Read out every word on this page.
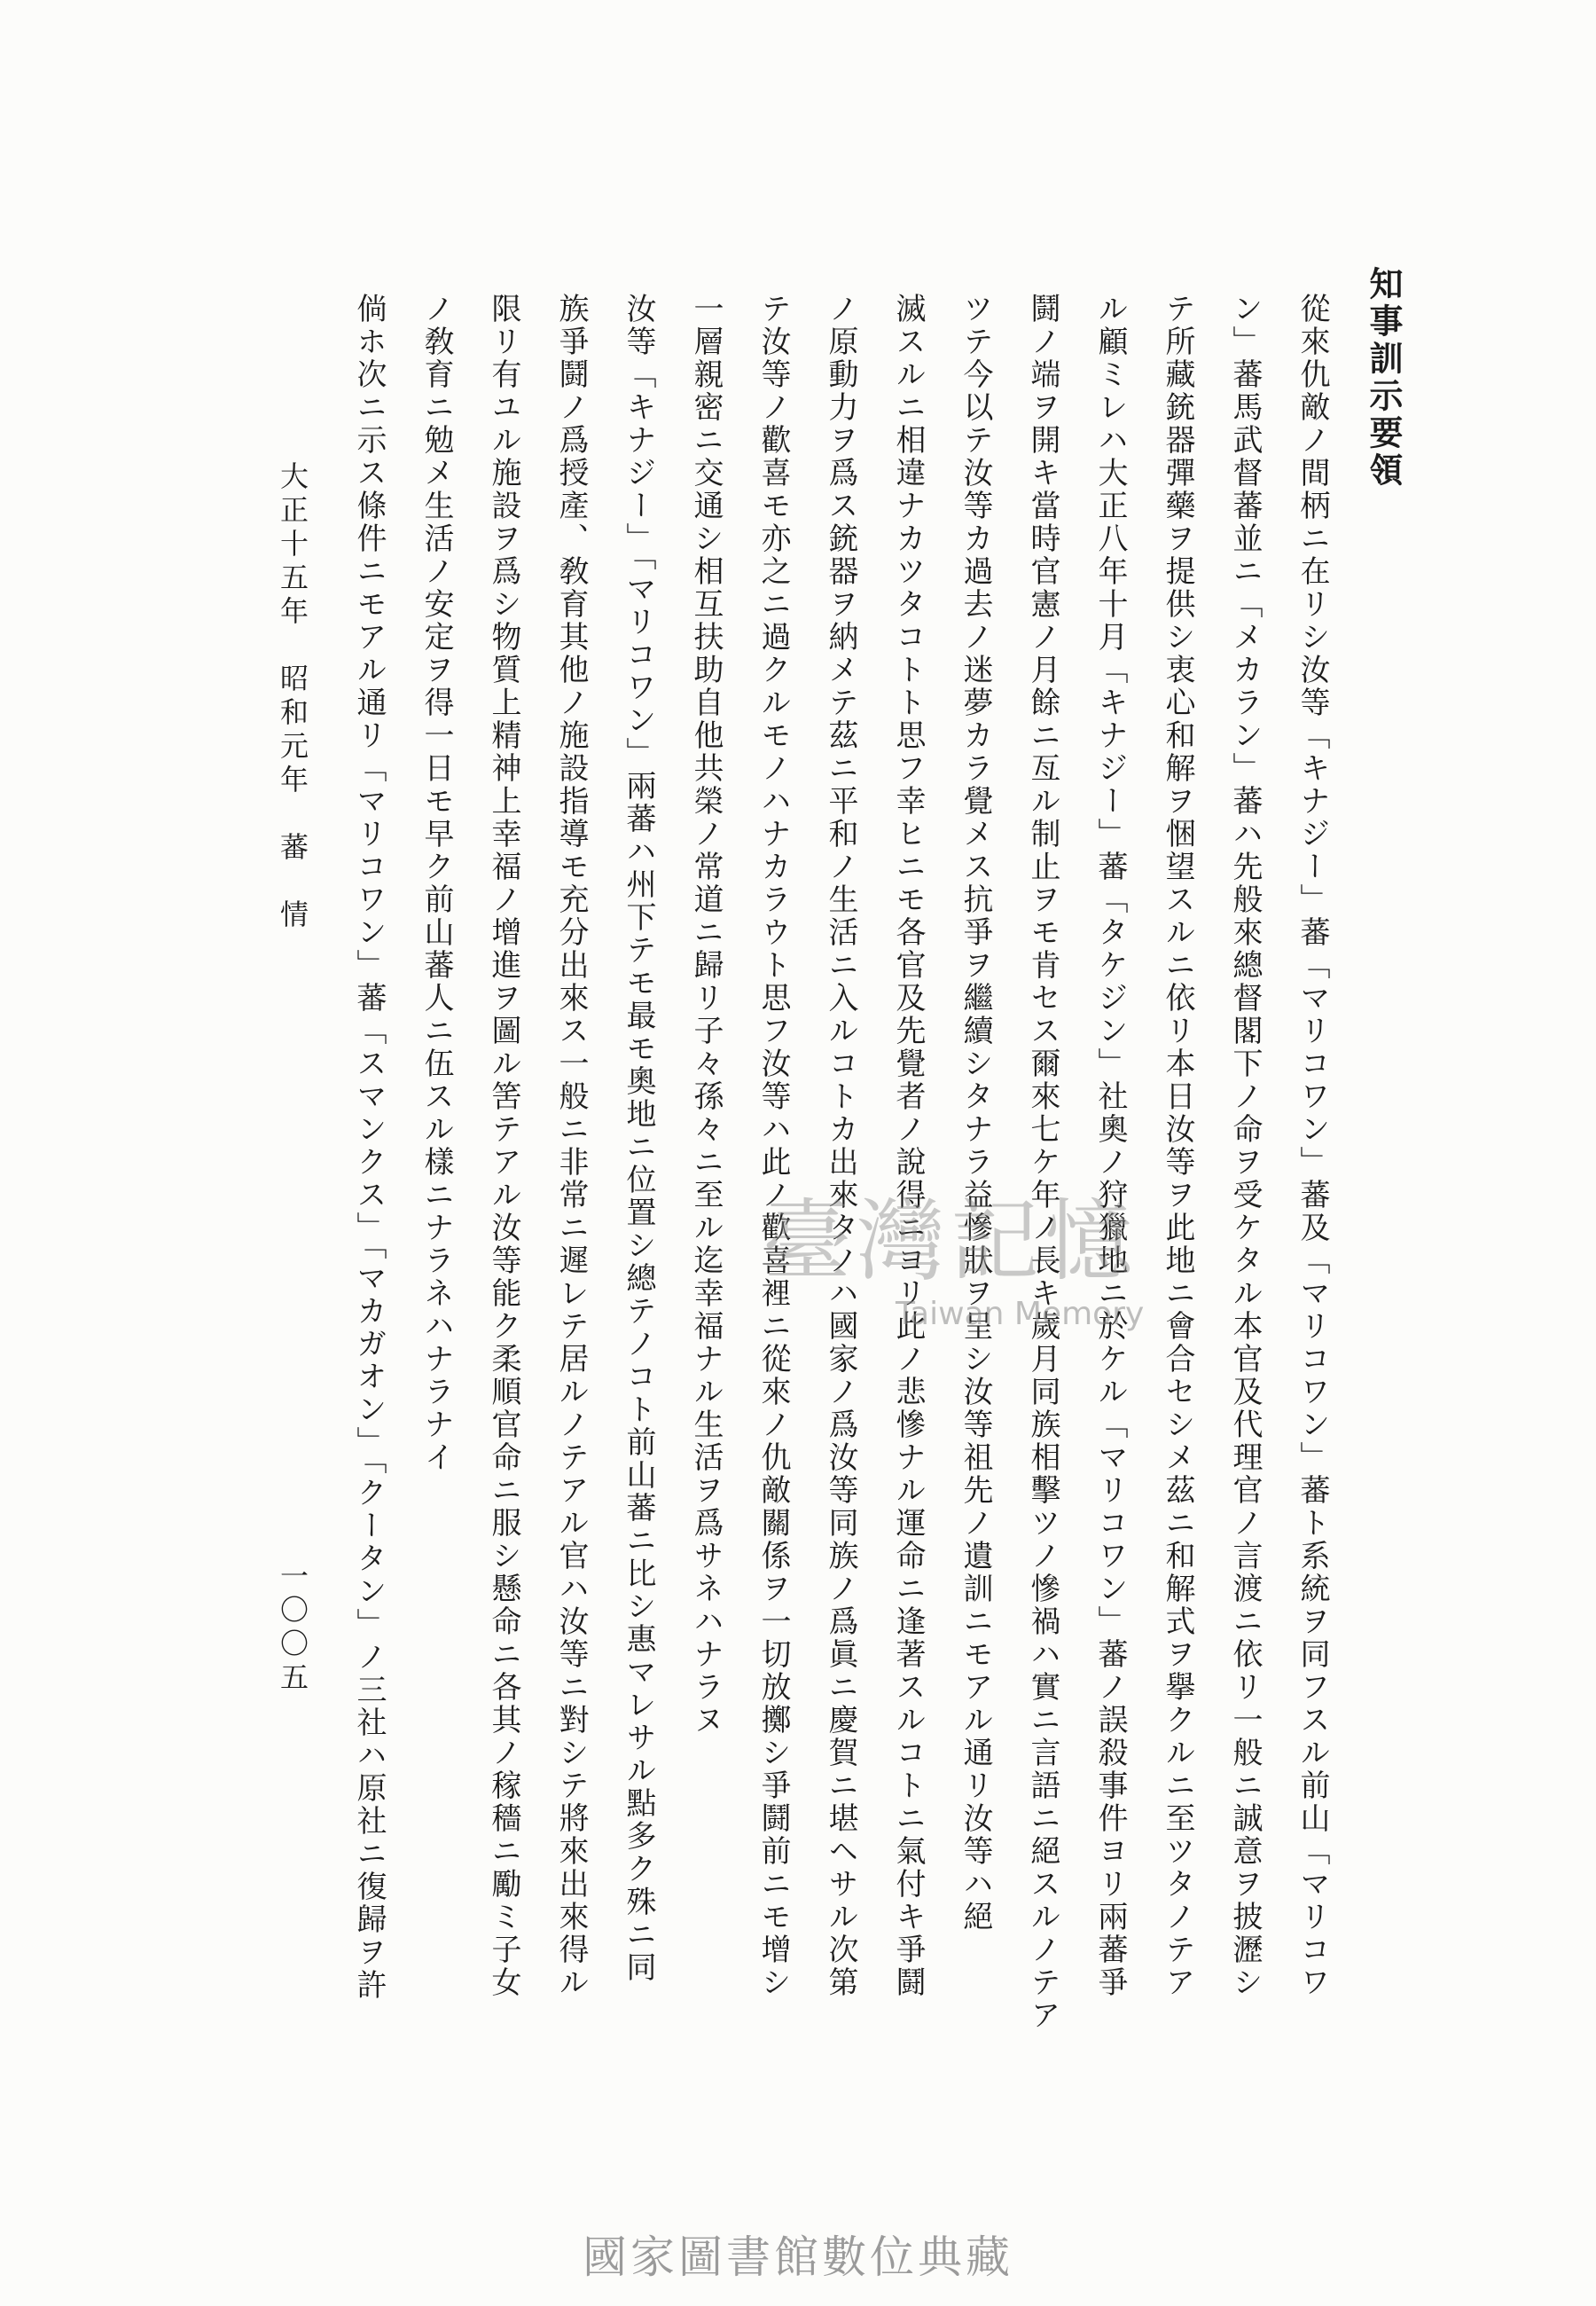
知事訓示要領
從來仇敵ノ間柄ニ在リシ汝等「キナジー」蕃「マリコワン」蕃及「マリコワン」蕃ト系統ヲ同フスル前山「マリコワ
ン」蕃馬武督蕃並ニ「メカラン」蕃ハ先般來總督閣下ノ命ヲ受ケタル本官及代理官ノ言渡ニ依リ一般ニ誠意ヲ披瀝シ
テ所藏銃器彈藥ヲ提供シ衷心和解ヲ悃望スルニ依リ本日汝等ヲ此地ニ會合セシメ茲ニ和解式ヲ擧クルニ至ツタノテア
ル顧ミレハ大正八年十月「キナジー」蕃「タケジン」社奧ノ狩獵地ニ於ケル「マリコワン」蕃ノ誤殺事件ヨリ兩蕃爭
鬪ノ端ヲ開キ當時官憲ノ月餘ニ亙ル制止ヲモ肯セス爾來七ケ年ノ長キ歲月同族相擊ツノ慘禍ハ實ニ言語ニ絕スルノテア
ツテ今以テ汝等カ過去ノ迷夢カラ覺メス抗爭ヲ繼續シタナラ益慘狀ヲ呈シ汝等祖先ノ遺訓ニモアル通リ汝等ハ絕
滅スルニ相違ナカツタコトト思フ幸ヒニモ各官及先覺者ノ說得ニヨリ此ノ悲慘ナル運命ニ逢著スルコトニ氣付キ爭鬪
ノ原動力ヲ爲ス銃器ヲ納メテ茲ニ平和ノ生活ニ入ルコトカ出來タノハ國家ノ爲汝等同族ノ爲眞ニ慶賀ニ堪ヘサル次第
テ汝等ノ歡喜モ亦之ニ過クルモノハナカラウト思フ汝等ハ此ノ歡喜裡ニ從來ノ仇敵關係ヲ一切放擲シ爭鬪前ニモ增シ
一層親密ニ交通シ相互扶助自他共榮ノ常道ニ歸リ子々孫々ニ至ル迄幸福ナル生活ヲ爲サネハナラヌ
汝等「キナジー」「マリコワン」兩蕃ハ州下テモ最モ奧地ニ位置シ總テノコト前山蕃ニ比シ惠マレサル點多ク殊ニ同
族爭鬪ノ爲授產、敎育其他ノ施設指導モ充分出來ス一般ニ非常ニ遲レテ居ルノテアル官ハ汝等ニ對シテ將來出來得ル
限リ有ユル施設ヲ爲シ物質上精神上幸福ノ增進ヲ圖ル筈テアル汝等能ク柔順官命ニ服シ懸命ニ各其ノ稼穡ニ勵ミ子女
ノ敎育ニ勉メ生活ノ安定ヲ得一日モ早ク前山蕃人ニ伍スル樣ニナラネハナラナイ
倘ホ次ニ示ス條件ニモアル通リ「マリコワン」蕃「スマンクス」「マカガオン」「クータン」ノ三社ハ原社ニ復歸ヲ許
大正十五年　昭和元年　蕃　情
一〇〇五
臺灣記憶
Taiwan Memory
國家圖書館數位典藏
